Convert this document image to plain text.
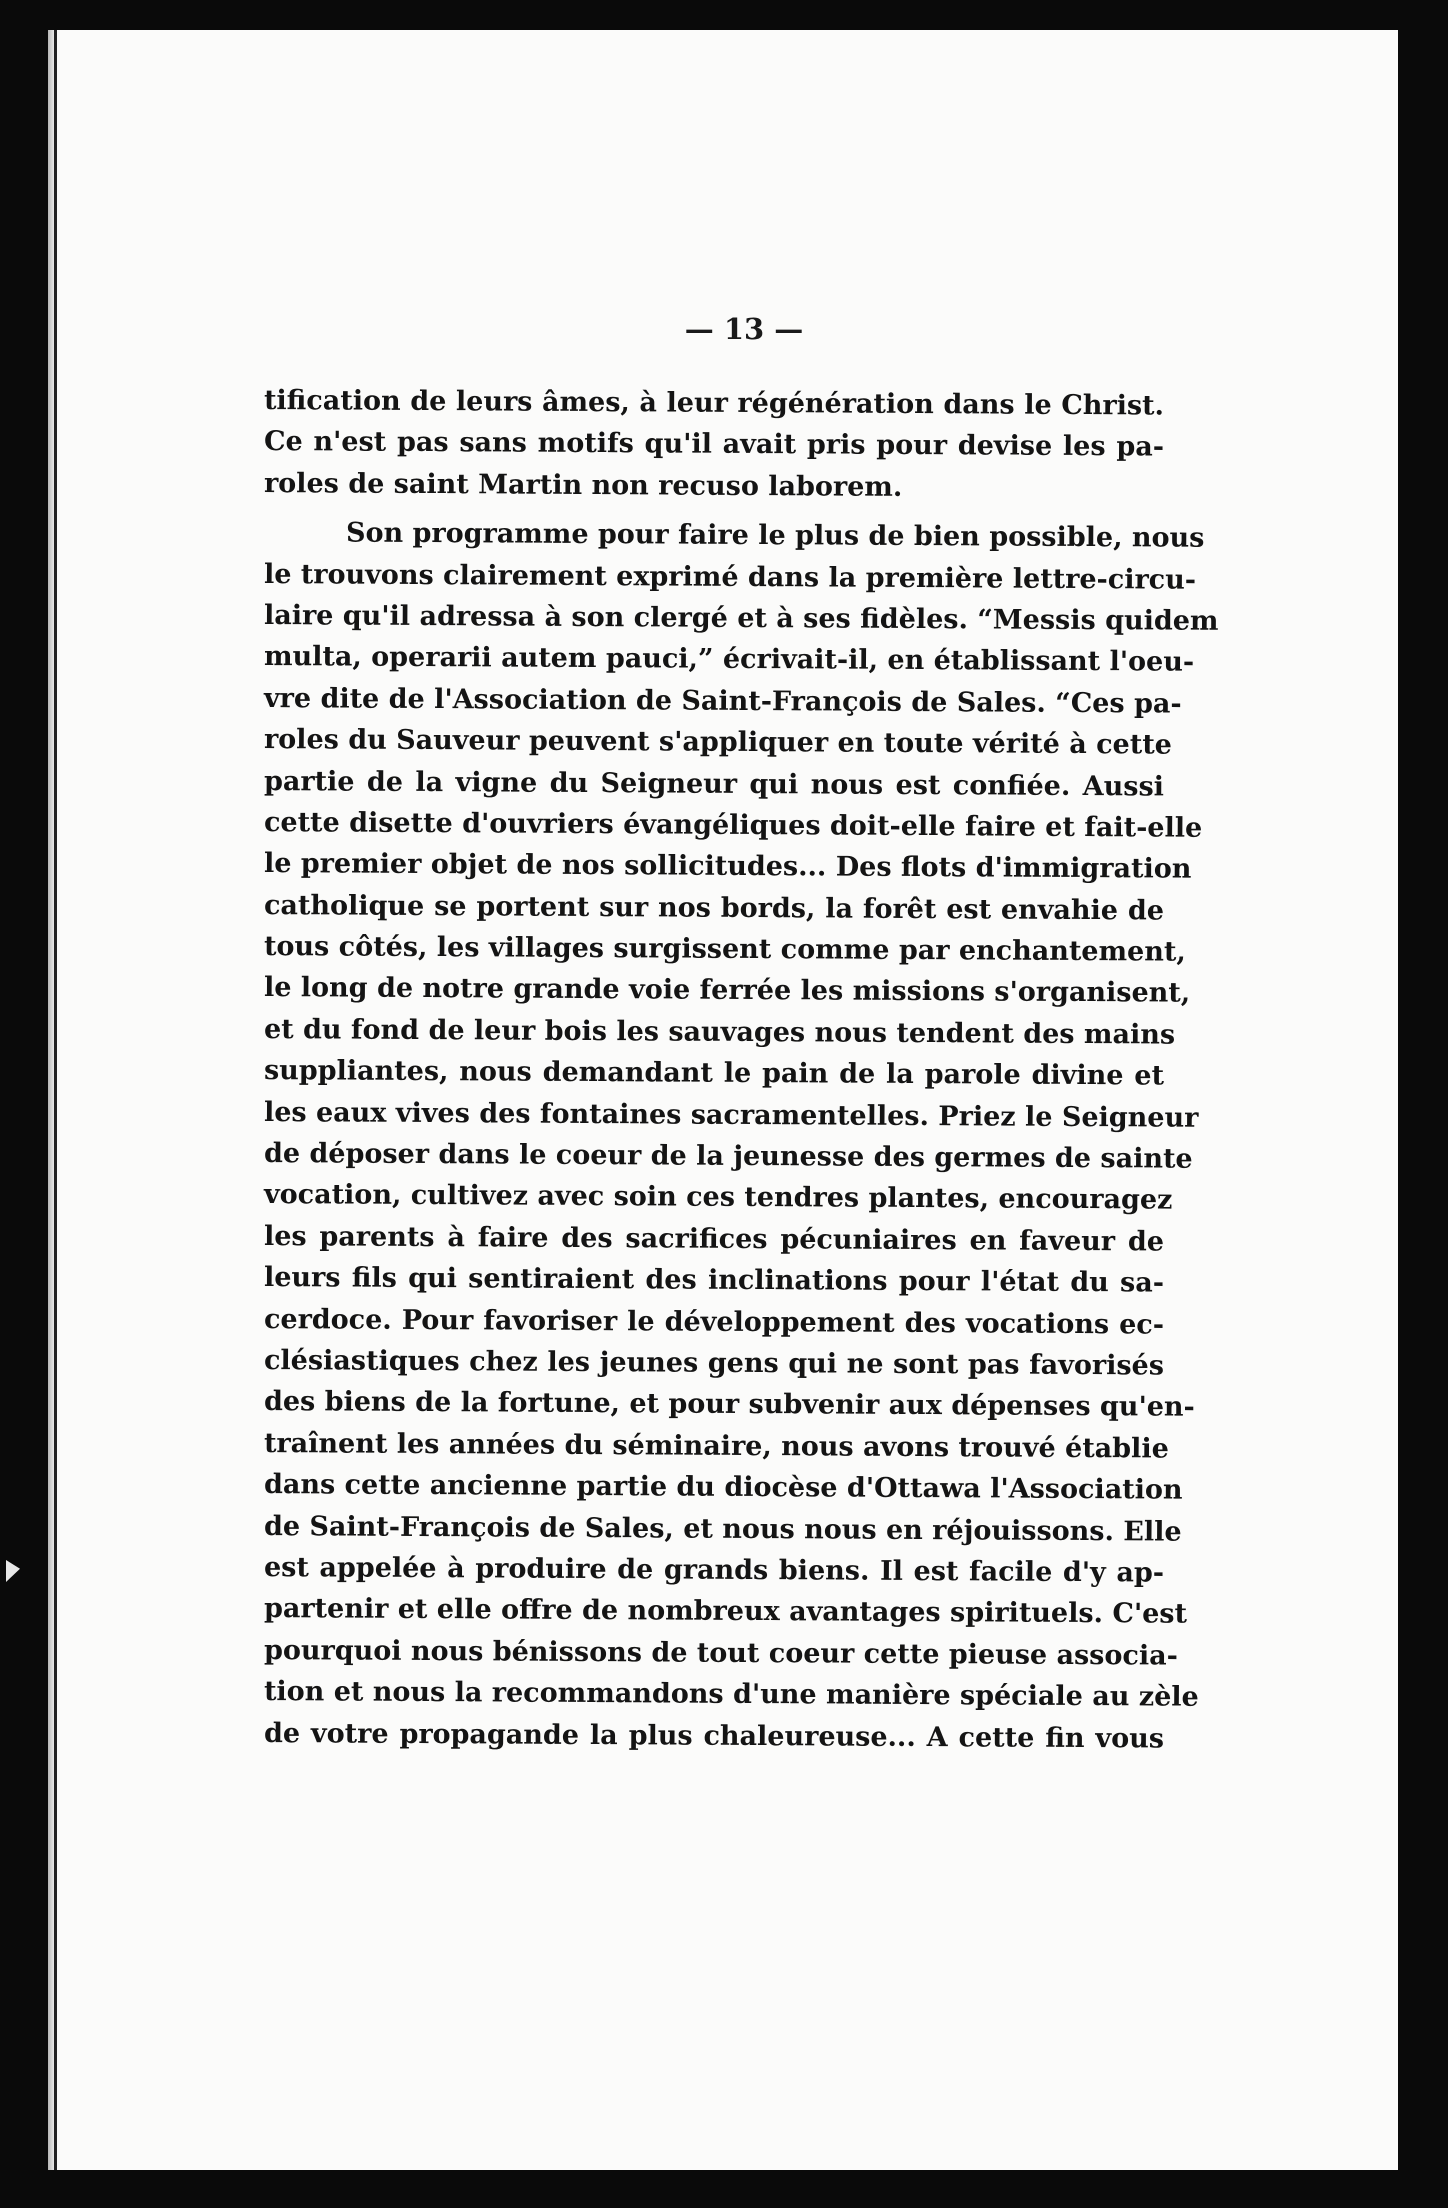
— 13 —
tification de leurs âmes, à leur régénération dans le Christ.
Ce n'est pas sans motifs qu'il avait pris pour devise les pa-
roles de saint Martin non recuso laborem.
Son programme pour faire le plus de bien possible, nous
le trouvons clairement exprimé dans la première lettre-circu-
laire qu'il adressa à son clergé et à ses fidèles. “Messis quidem
multa, operarii autem pauci,” écrivait-il, en établissant l'oeu-
vre dite de l'Association de Saint-François de Sales. “Ces pa-
roles du Sauveur peuvent s'appliquer en toute vérité à cette
partie de la vigne du Seigneur qui nous est confiée. Aussi
cette disette d'ouvriers évangéliques doit-elle faire et fait-elle
le premier objet de nos sollicitudes... Des flots d'immigration
catholique se portent sur nos bords, la forêt est envahie de
tous côtés, les villages surgissent comme par enchantement,
le long de notre grande voie ferrée les missions s'organisent,
et du fond de leur bois les sauvages nous tendent des mains
suppliantes, nous demandant le pain de la parole divine et
les eaux vives des fontaines sacramentelles. Priez le Seigneur
de déposer dans le coeur de la jeunesse des germes de sainte
vocation, cultivez avec soin ces tendres plantes, encouragez
les parents à faire des sacrifices pécuniaires en faveur de
leurs fils qui sentiraient des inclinations pour l'état du sa-
cerdoce. Pour favoriser le développement des vocations ec-
clésiastiques chez les jeunes gens qui ne sont pas favorisés
des biens de la fortune, et pour subvenir aux dépenses qu'en-
traînent les années du séminaire, nous avons trouvé établie
dans cette ancienne partie du diocèse d'Ottawa l'Association
de Saint-François de Sales, et nous nous en réjouissons. Elle
est appelée à produire de grands biens. Il est facile d'y ap-
partenir et elle offre de nombreux avantages spirituels. C'est
pourquoi nous bénissons de tout coeur cette pieuse associa-
tion et nous la recommandons d'une manière spéciale au zèle
de votre propagande la plus chaleureuse... A cette fin vous
